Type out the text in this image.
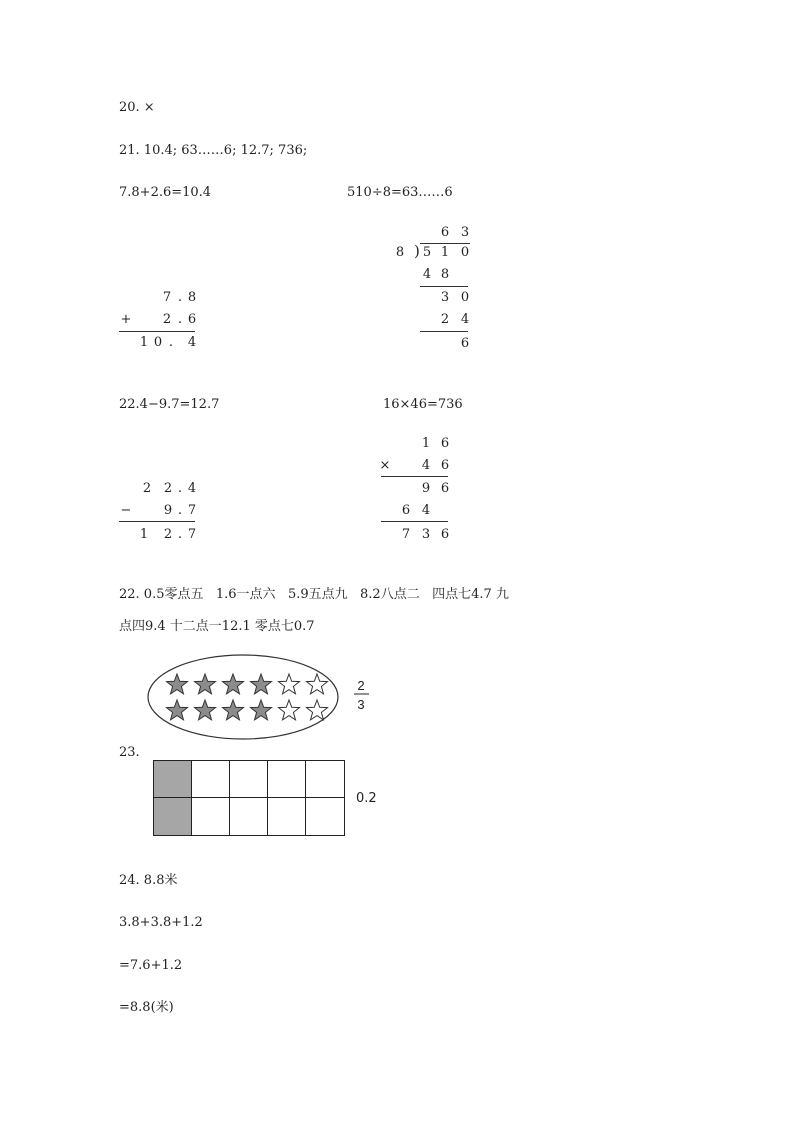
20. ×
21. 10.4; 63……6; 12.7; 736;
7.8+2.6=10.4	510÷8=63……6
6 3
8 ) 5 1 0
4 8
3 0
2 4
6
7 . 8
+ 2 . 6
1 0 .	4
22.4−9.7=12.7	16×46=736
1 6
× 4 6
9 6
6 4
7 3 6
2 2 . 4
− 9 . 7
1 2 . 7
22. 0.5零点五   1.6一点六   5.9五点九   8.2八点二   四点七4.7 九
点四9.4 十二点一12.1 零点七0.7
2
3
23.
0.2
24. 8.8米
3.8+3.8+1.2
=7.6+1.2
=8.8(米)
